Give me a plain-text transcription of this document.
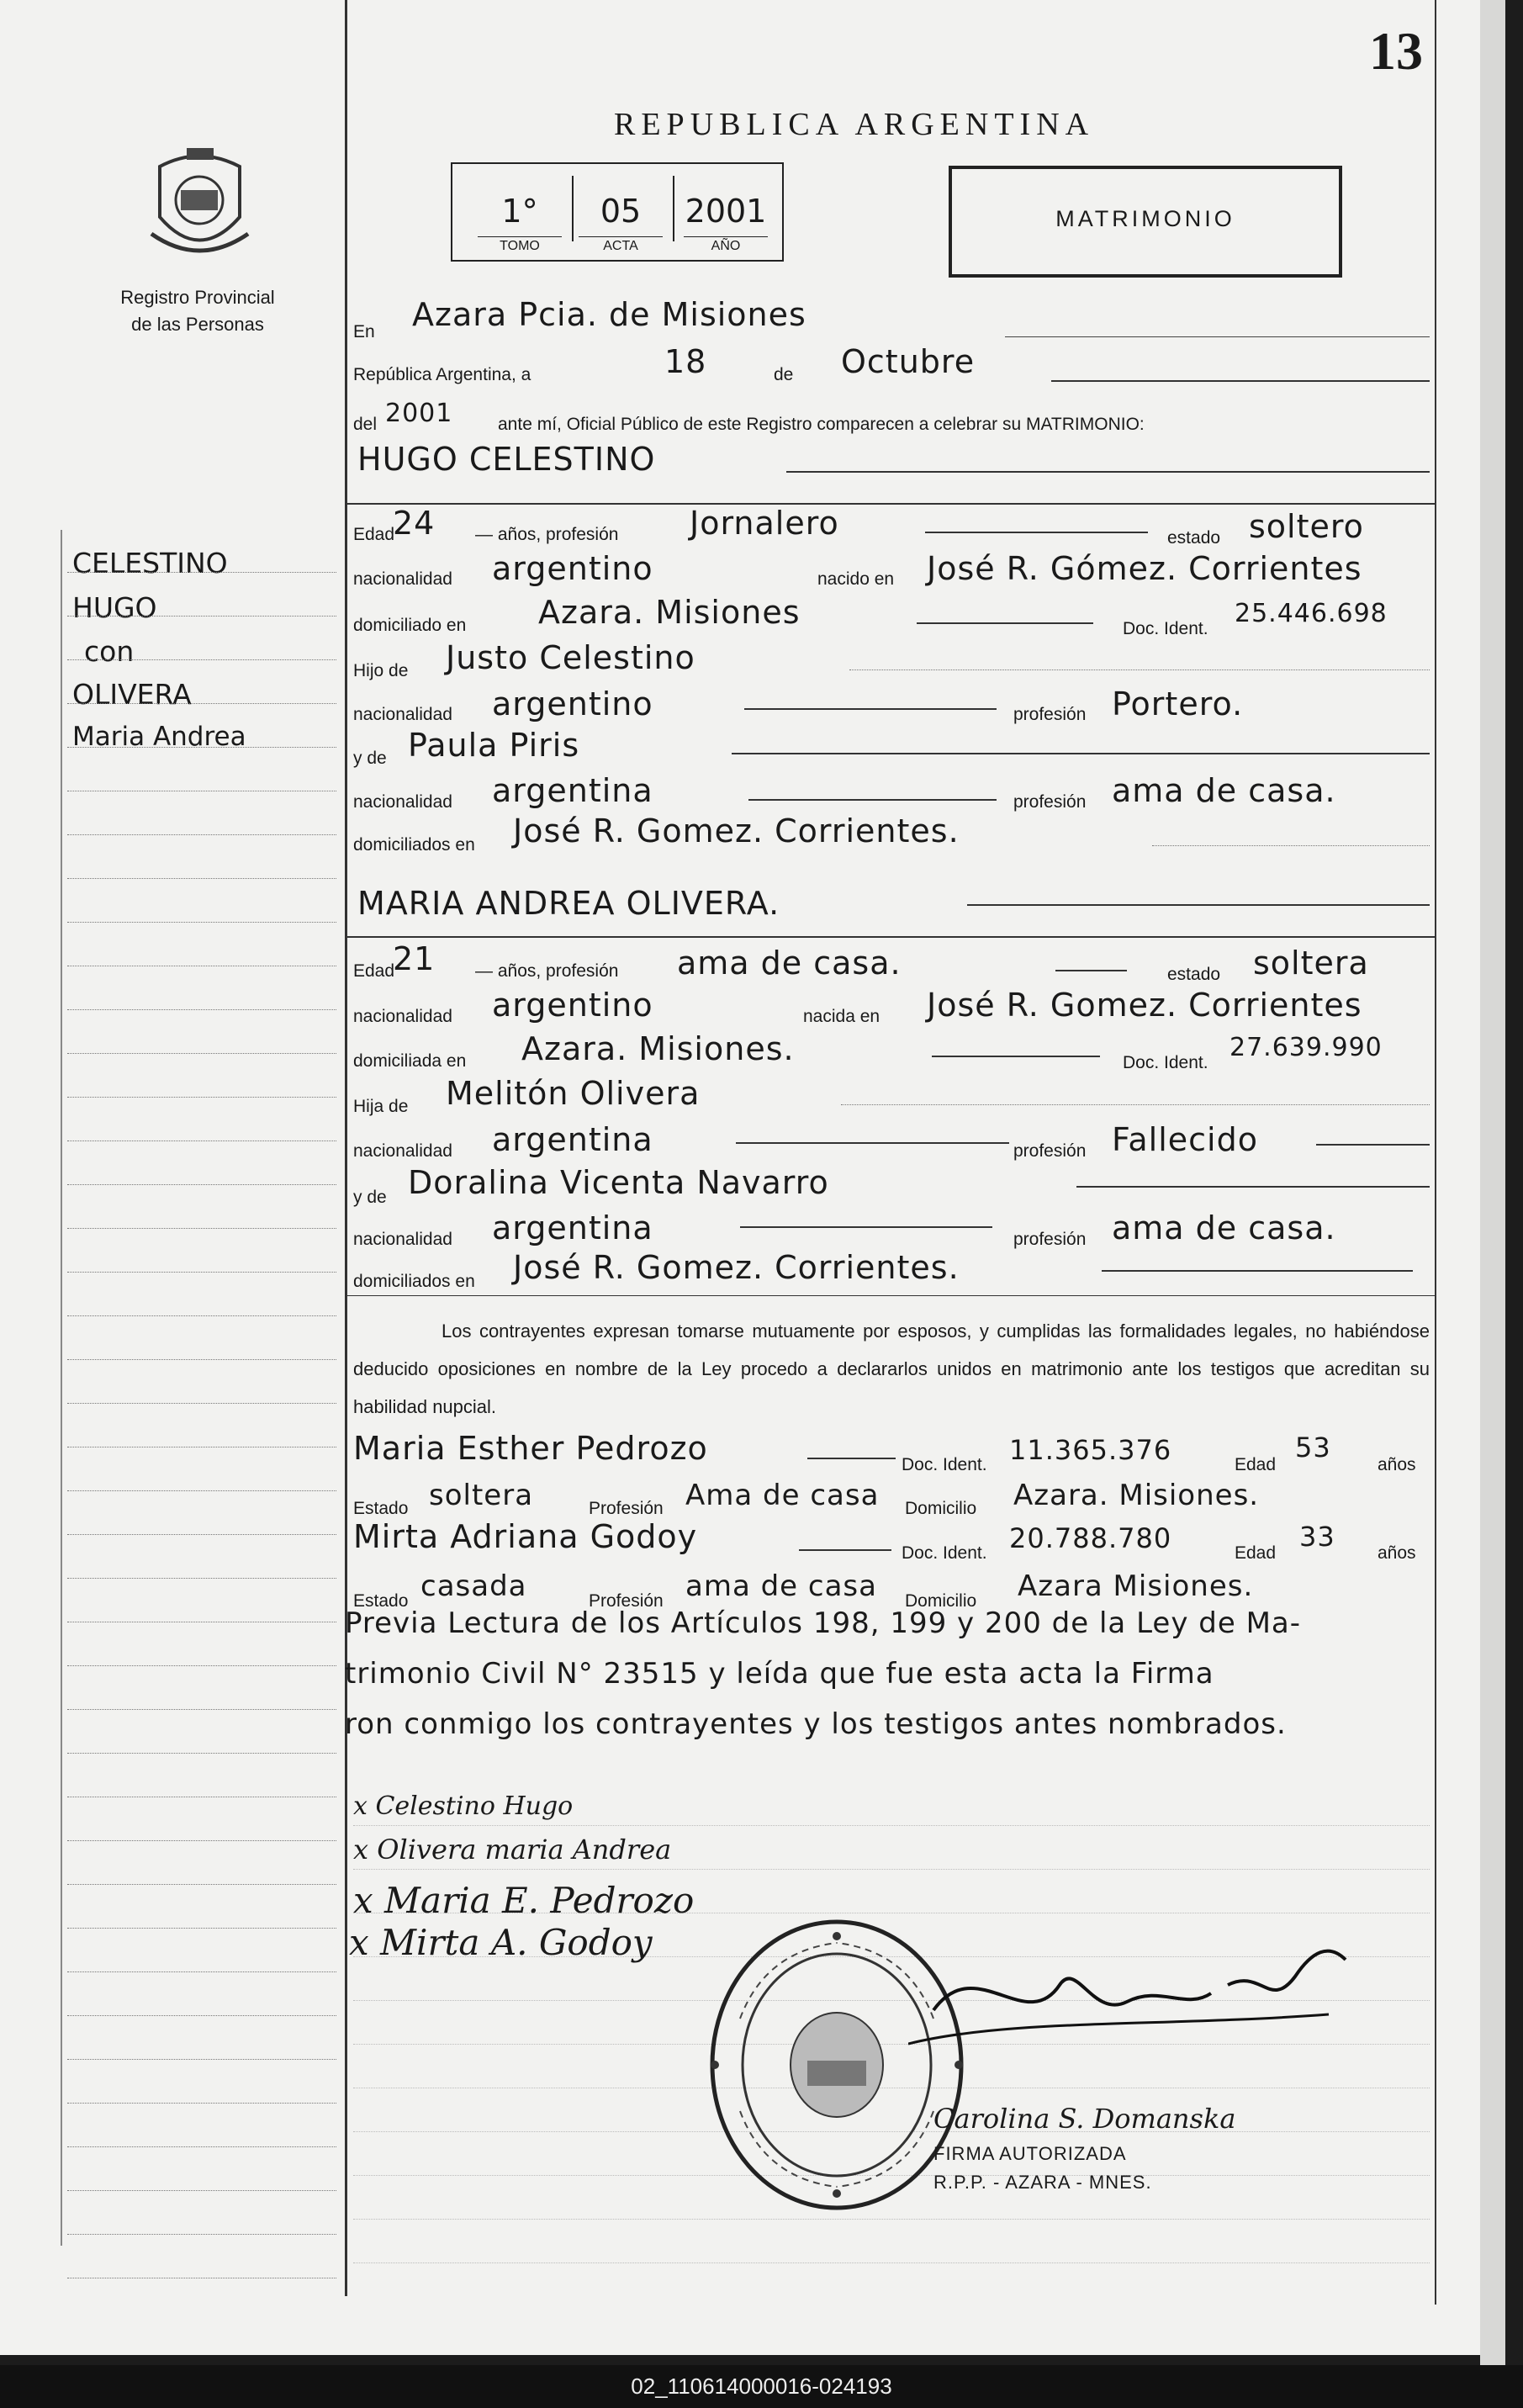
13
Registro Provincial
de las Personas
REPUBLICA ARGENTINA
1°
TOMO
05
ACTA
2001
AÑO
MATRIMONIO
CELESTINO
HUGO
con
OLIVERA
Maria Andrea
En Azara Pcia. de Misiones
República Argentina, a	18	de Octubre
del 2001	ante mí, Oficial Público de este Registro comparecen a celebrar su MATRIMONIO:
HUGO CELESTINO
Edad
24 — años, profesión Jornalero	estado soltero
nacionalidad argentino	nacido en José R. Gómez. Corrientes
domiciliado en Azara. Misiones	Doc. Ident.
25.446.698
Hijo de Justo Celestino
nacionalidad argentino	profesión Portero.
y de Paula Piris
nacionalidad argentina	profesión ama de casa.
domiciliados en José R. Gomez. Corrientes.
MARIA ANDREA OLIVERA.
Edad
21 — años, profesión ama de casa.	estado soltera
nacionalidad argentino	nacida en José R. Gomez. Corrientes
domiciliada en Azara. Misiones.	Doc. Ident.
27.639.990
Hija de Melitón Olivera
nacionalidad argentina	profesión Fallecido
y de Doralina Vicenta Navarro
nacionalidad argentina	profesión ama de casa.
domiciliados en José R. Gomez. Corrientes.
Los contrayentes expresan tomarse mutuamente por esposos, y cumplidas las formalidades legales, no habiéndose deducido oposiciones en nombre de la Ley procedo a declararlos unidos en matrimonio ante los testigos que acreditan su habilidad nupcial.
Maria Esther Pedrozo	Doc. Ident. 11.365.376	Edad
53
años
Estado soltera	Profesión Ama de casa Domicilio Azara. Misiones.
Mirta Adriana Godoy	Doc. Ident. 20.788.780	Edad
33
años
Estado casada	Profesión ama de casa Domicilio Azara Misiones.
Previa Lectura de los Artículos 198, 199 y 200 de la Ley de Ma-
trimonio Civil N° 23515 y leída que fue esta acta la Firma
ron conmigo los contrayentes y los testigos antes nombrados.
x Celestino Hugo
x Olivera maria Andrea
x Maria E. Pedrozo
x Mirta A. Godoy
Carolina S. Domanska
FIRMA AUTORIZADA
R.P.P. - AZARA - MNES.
02_110614000016-024193
